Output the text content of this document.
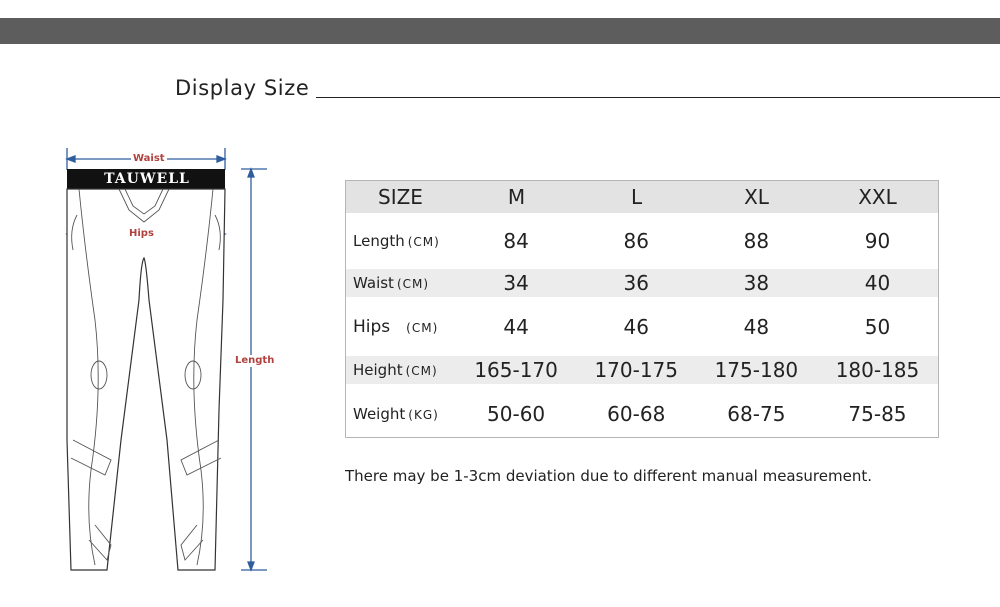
Display Size
TAUWELL
Waist
Hips
Length
SIZE	M	L	XL	XXL
Length (CM)	84	86	88	90
Waist (CM)	34	36	38	40
Hips (CM)	44	46	48	50
Height (CM)	165-170	170-175	175-180	180-185
Weight (KG)	50-60	60-68	68-75	75-85
There may be 1-3cm deviation due to different manual measurement.
